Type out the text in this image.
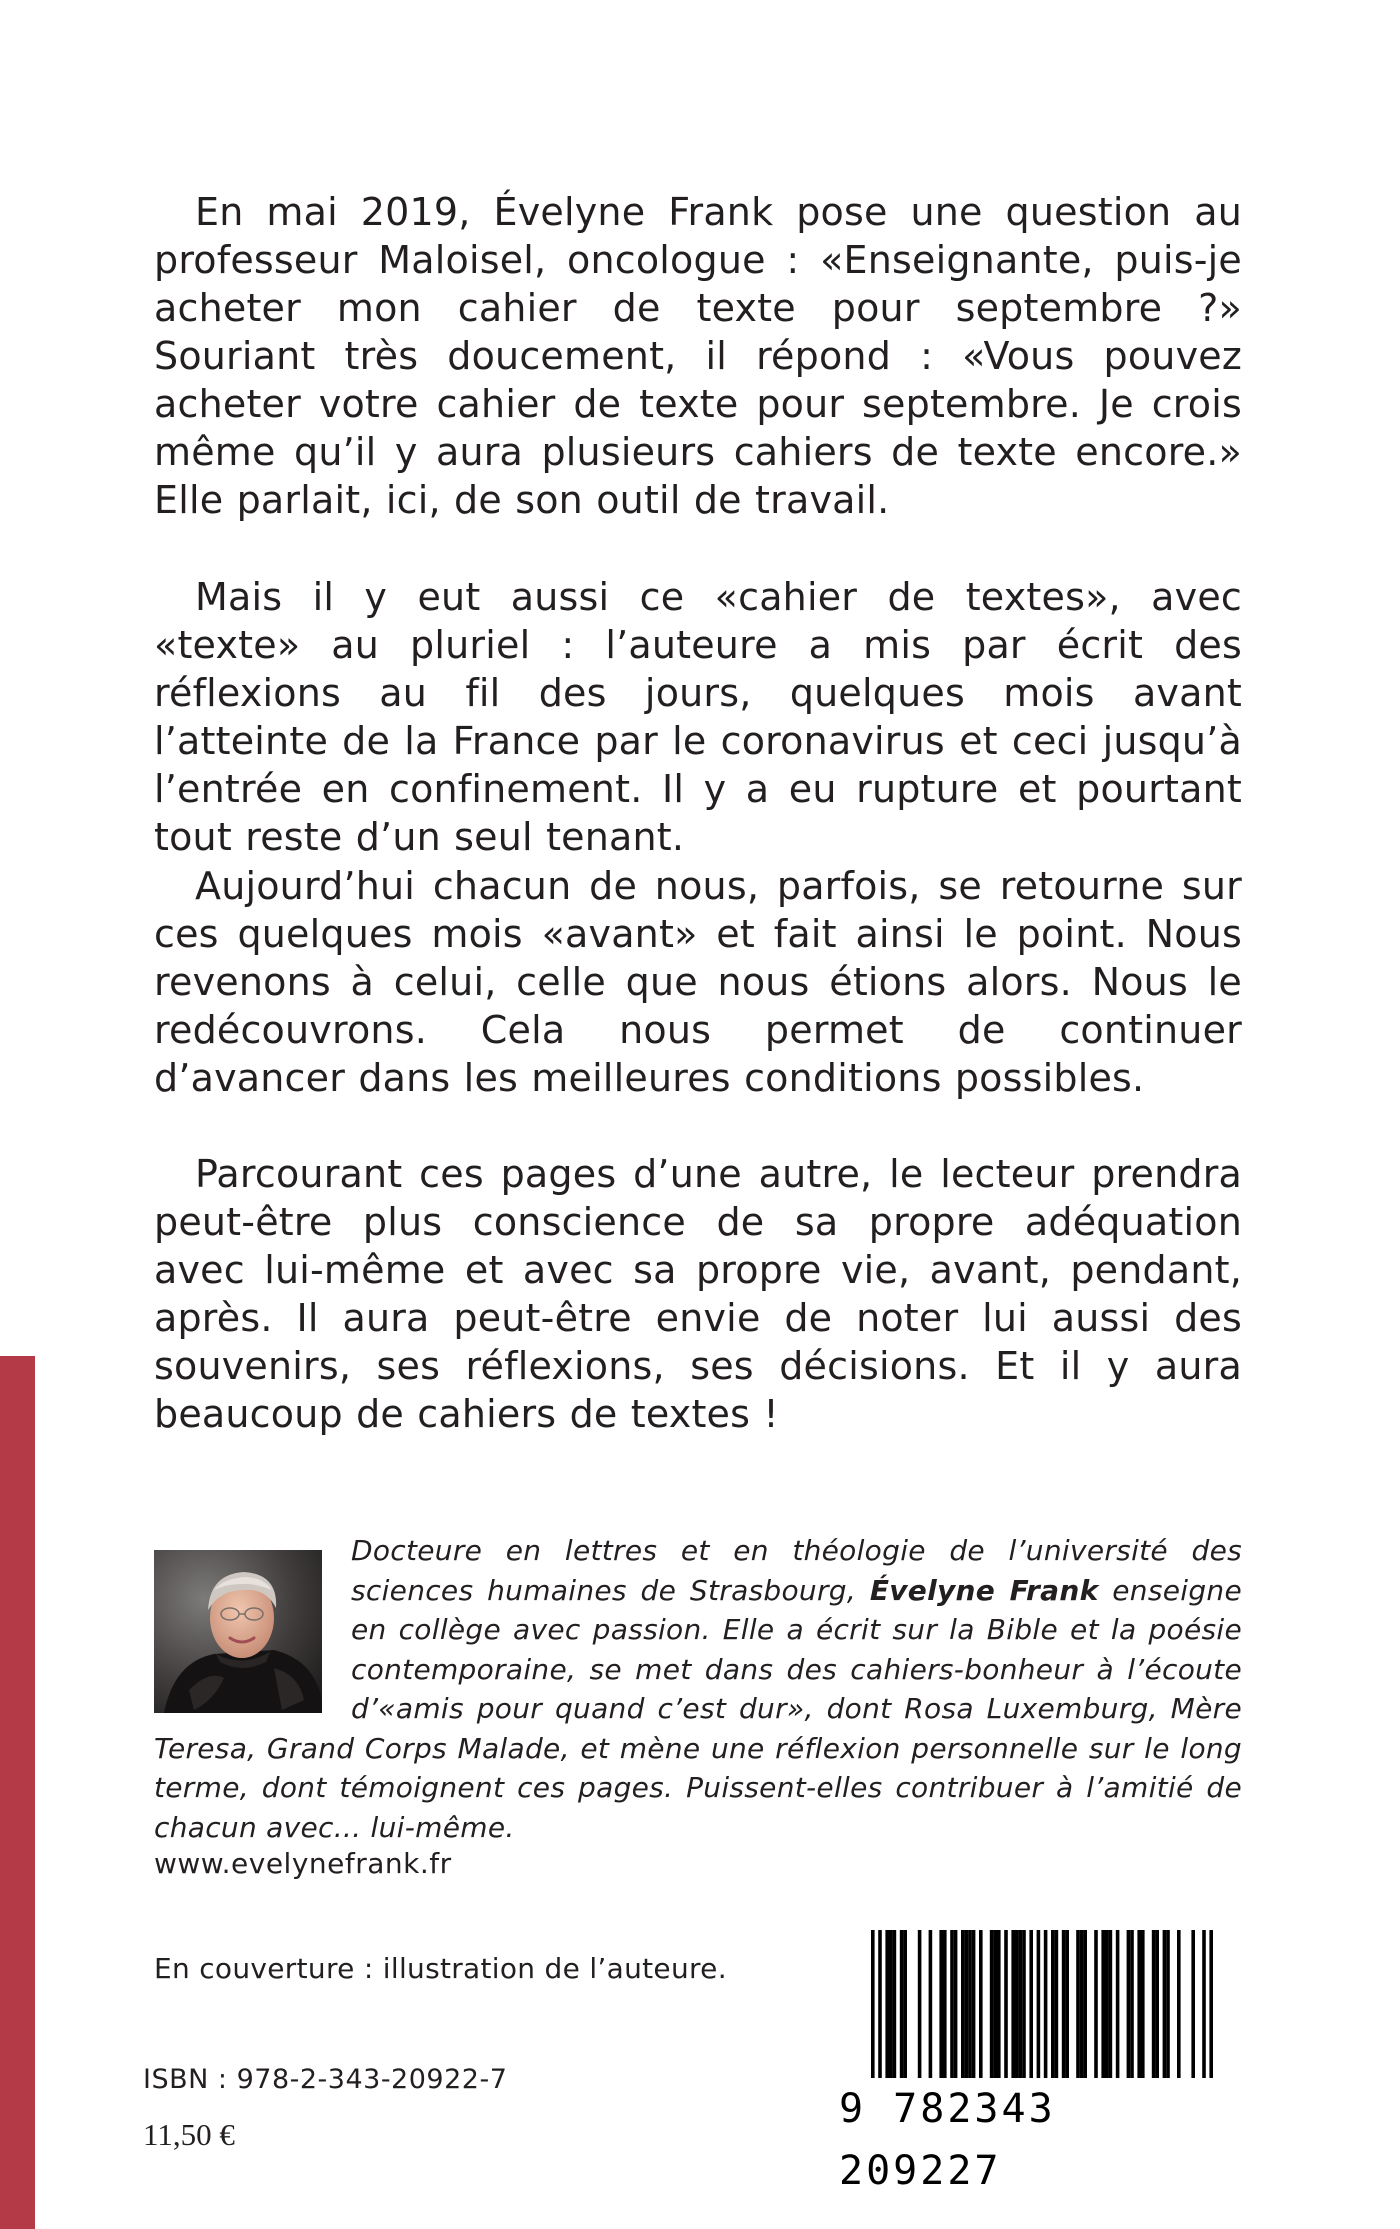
En mai 2019, Évelyne Frank pose une question au professeur Maloisel, oncologue : «Enseignante, puis-je acheter mon cahier de texte pour septembre ?» Souriant très doucement, il répond : «Vous pouvez acheter votre cahier de texte pour septembre. Je crois même qu’il y aura plusieurs cahiers de texte encore.» Elle parlait, ici, de son outil de travail.

Mais il y eut aussi ce «cahier de textes», avec «texte» au pluriel : l’auteure a mis par écrit des réflexions au fil des jours, quelques mois avant l’atteinte de la France par le coronavirus et ceci jusqu’à l’entrée en confinement. Il y a eu rupture et pourtant tout reste d’un seul tenant.

Aujourd’hui chacun de nous, parfois, se retourne sur ces quelques mois «avant» et fait ainsi le point. Nous revenons à celui, celle que nous étions alors. Nous le redécouvrons. Cela nous permet de continuer d’avancer dans les meilleures conditions possibles.

Parcourant ces pages d’une autre, le lecteur prendra peut-être plus conscience de sa propre adéquation avec lui-même et avec sa propre vie, avant, pendant, après. Il aura peut-être envie de noter lui aussi des souvenirs, ses réflexions, ses décisions. Et il y aura beaucoup de cahiers de textes !

Docteure en lettres et en théologie de l’université des sciences humaines de Strasbourg, Évelyne Frank enseigne en collège avec passion. Elle a écrit sur la Bible et la poésie contemporaine, se met dans des cahiers-bonheur à l’écoute d’«amis pour quand c’est dur», dont Rosa Luxemburg, Mère Teresa, Grand Corps Malade, et mène une réflexion personnelle sur le long terme, dont témoignent ces pages. Puissent-elles contribuer à l’amitié de chacun avec... lui-même.

www.evelynefrank.fr
En couverture : illustration de l’auteure.
ISBN : 978-2-343-20922-7
11,50 €
9 782343 209227
